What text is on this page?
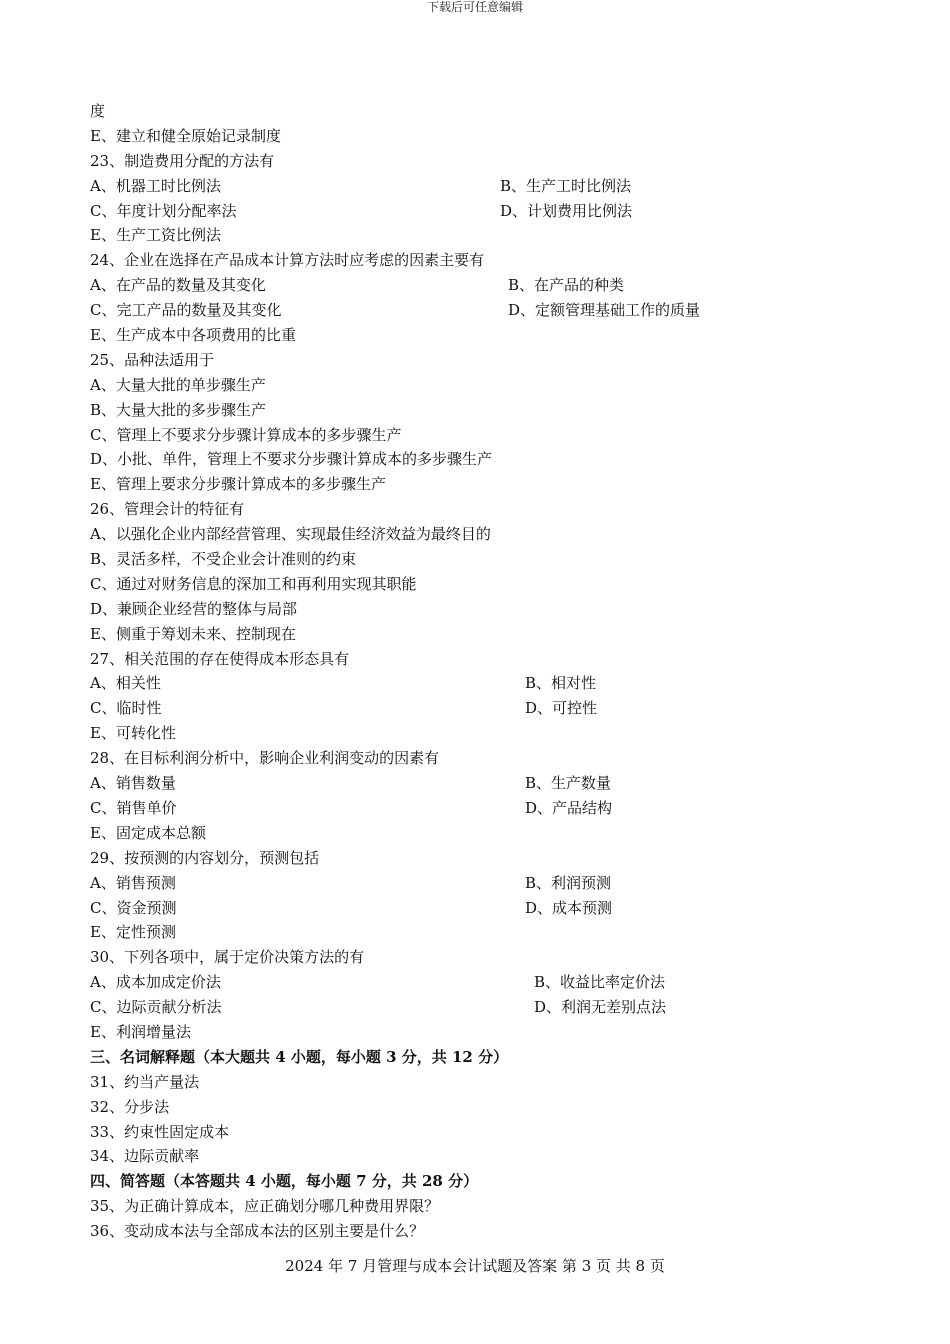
下载后可任意编辑
度
E、建立和健全原始记录制度
23、制造费用分配的方法有
A、机器工时比例法	B、生产工时比例法
C、年度计划分配率法	D、计划费用比例法
E、生产工资比例法
24、企业在选择在产品成本计算方法时应考虑的因素主要有
A、在产品的数量及其变化	B、在产品的种类
C、完工产品的数量及其变化	D、定额管理基础工作的质量
E、生产成本中各项费用的比重
25、品种法适用于
A、大量大批的单步骤生产
B、大量大批的多步骤生产
C、管理上不要求分步骤计算成本的多步骤生产
D、小批、单件，管理上不要求分步骤计算成本的多步骤生产
E、管理上要求分步骤计算成本的多步骤生产
26、管理会计的特征有
A、以强化企业内部经营管理、实现最佳经济效益为最终目的
B、灵活多样，不受企业会计准则的约束
C、通过对财务信息的深加工和再利用实现其职能
D、兼顾企业经营的整体与局部
E、侧重于筹划未来、控制现在
27、相关范围的存在使得成本形态具有
A、相关性	B、相对性
C、临时性	D、可控性
E、可转化性
28、在目标利润分析中，影响企业利润变动的因素有
A、销售数量	B、生产数量
C、销售单价	D、产品结构
E、固定成本总额
29、按预测的内容划分，预测包括
A、销售预测	B、利润预测
C、资金预测	D、成本预测
E、定性预测
30、下列各项中，属于定价决策方法的有
A、成本加成定价法	B、收益比率定价法
C、边际贡献分析法	D、利润无差别点法
E、利润增量法
三、名词解释题（本大题共 4 小题，每小题 3 分，共 12 分）
31、约当产量法
32、分步法
33、约束性固定成本
34、边际贡献率
四、简答题（本答题共 4 小题，每小题 7 分，共 28 分）
35、为正确计算成本，应正确划分哪几种费用界限？
36、变动成本法与全部成本法的区别主要是什么？
2024 年 7 月管理与成本会计试题及答案 第 3 页 共 8 页
